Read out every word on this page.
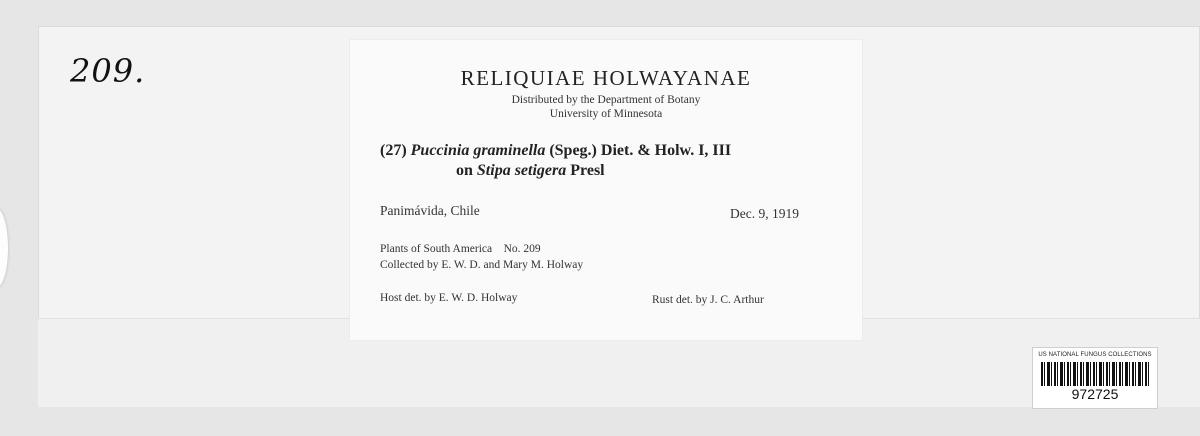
209.	RELIQUIAE HOLWAYANAE
Distributed by the Department of Botany
University of Minnesota
(27) Puccinia graminella (Speg.) Diet. & Holw. I, III
on Stipa setigera Presl
Panimávida, Chile	Dec. 9, 1919
Plants of South America    No. 209
Collected by E. W. D. and Mary M. Holway
Host det. by E. W. D. Holway	Rust det. by J. C. Arthur
US NATIONAL FUNGUS COLLECTIONS
972725
